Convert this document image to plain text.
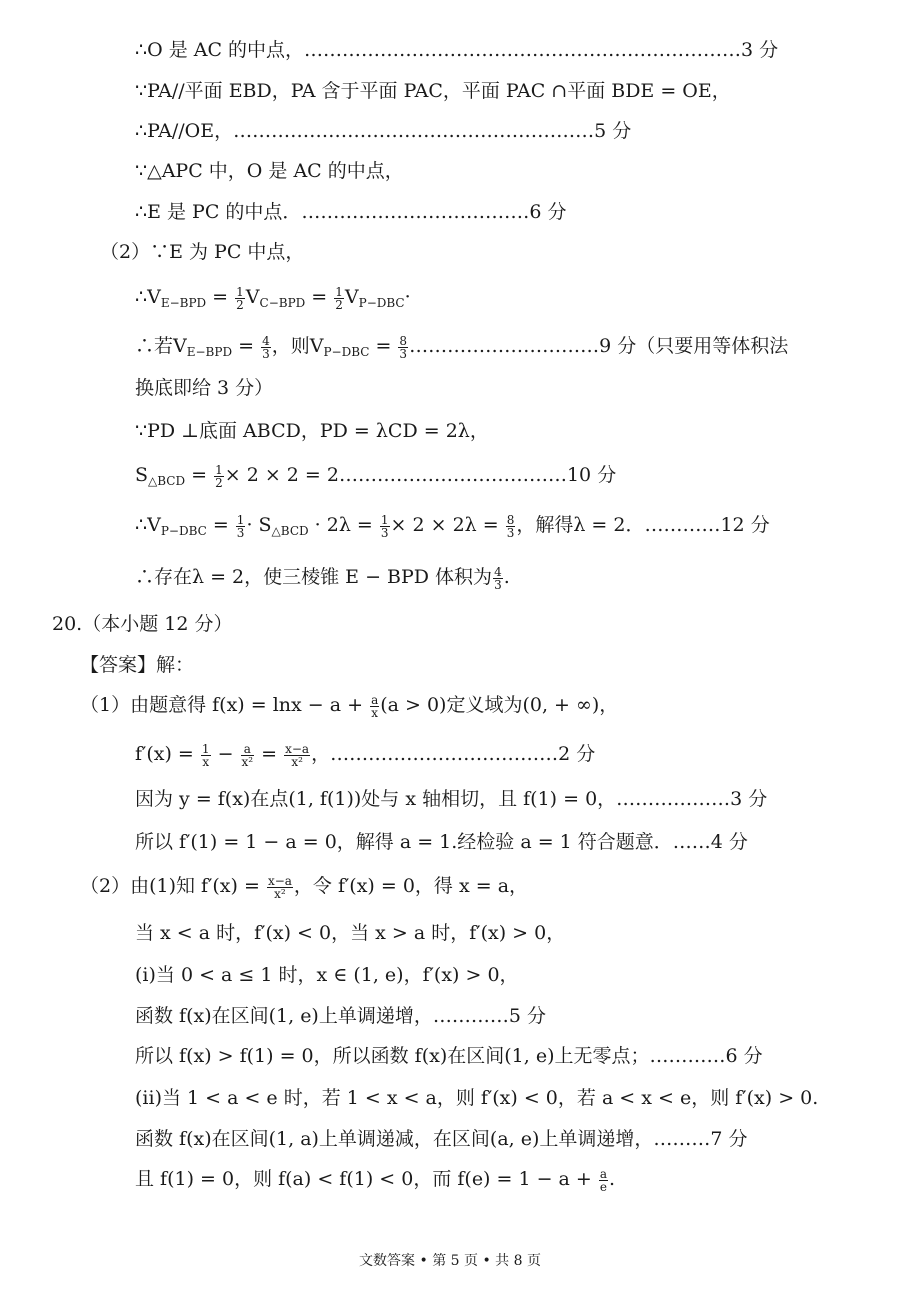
∴O 是 AC 的中点，……………………………………………………………3 分
∵PA//平面 EBD，PA 含于平面 PAC，平面 PAC ∩平面 BDE = OE，
∴PA//OE，…………………………………………………5 分
∵△APC 中，O 是 AC 的中点，
∴E 是 PC 的中点．………………………………6 分
（2）∵E 为 PC 中点，
$\therefore V_{E-BPD} = \frac{1}{2} V_{C-BPD} = \frac{1}{2} V_{P-DBC}\cdot$
∴若$V_{E-BPD} = \frac{4}{3}$ ，则$V_{P-DBC} = \frac{8}{3}$ …………………………9 分（只要用等体积法
换底即给 3 分）
∵PD ⊥底面 ABCD，PD = λCD = 2λ，
$S_{\triangle BCD} = \frac{1}{2} \times 2 \times 2$ = 2………………………………10 分
$\therefore V_{P-DBC} = \frac{1}{3} \cdot S_{\triangle BCD} \cdot 2\lambda = \frac{1}{3} \times 2 \times 2\lambda = \frac{8}{3}$ ，解得λ = 2．…………12 分
∴存在λ = 2，使三棱锥 E − BPD 体积为 $\frac{4}{3}$ .
20.（本小题 12 分）
【答案】解：
（1）由题意得 $f(x) = \ln x - a + \frac{a}{x} (a > 0)$定义域为(0, + ∞)，
$f'(x) = \frac{1}{x} - \frac{a}{\text{x²}} = \frac{x-a}{\text{x²}}$ ，………………………………2 分
因为 y = f(x)在点(1, f(1))处与 x 轴相切，且 f(1) = 0，………………3 分
所以 f′(1) = 1 − a = 0，解得 a = 1.经检验 a = 1 符合题意．……4 分
（2）由(1)知 $f'(x) = \frac{x-a}{\text{x²}}$ ，令 f′(x) = 0，得 x = a，
当 x < a 时，f′(x) < 0，当 x > a 时，f′(x) > 0，
(i)当 0 < a ≤ 1 时，x ∈ (1, e)，f′(x) > 0，
函数 f(x)在区间(1, e)上单调递增，…………5 分
所以 f(x) > f(1) = 0，所以函数 f(x)在区间(1, e)上无零点；…………6 分
(ii)当 1 < a < e 时，若 1 < x < a，则 f′(x) < 0，若 a < x < e，则 f′(x) > 0.
函数 f(x)在区间(1, a)上单调递减，在区间(a, e)上单调递增，………7 分
且 f(1) = 0，则 f(a) < f(1) < 0，而 $f(e) = 1 - a + \frac{a}{e}$ .
文数答案 • 第 5 页 • 共 8 页
